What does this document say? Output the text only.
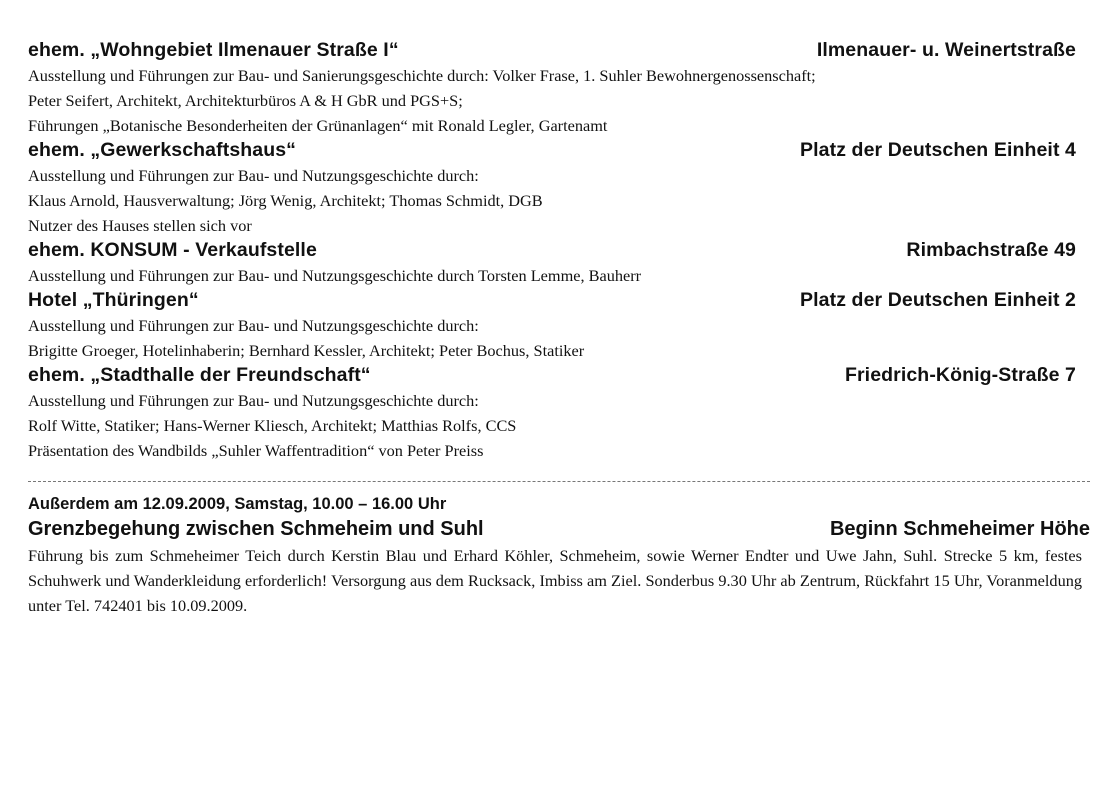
ehem. „Wohngebiet Ilmenauer Straße I“	Ilmenauer- u. Weinertstraße
Ausstellung und Führungen zur Bau- und Sanierungsgeschichte durch: Volker Frase, 1. Suhler Bewohnergenossenschaft;
Peter Seifert, Architekt, Architekturbüros A & H GbR und PGS+S;
Führungen „Botanische Besonderheiten der Grünanlagen“ mit Ronald Legler, Gartenamt
ehem. „Gewerkschaftshaus“	Platz der Deutschen Einheit 4
Ausstellung und Führungen zur Bau- und Nutzungsgeschichte durch:
Klaus Arnold, Hausverwaltung; Jörg Wenig, Architekt; Thomas Schmidt, DGB
Nutzer des Hauses stellen sich vor
ehem. KONSUM - Verkaufstelle	Rimbachstraße 49
Ausstellung und Führungen zur Bau- und Nutzungsgeschichte durch Torsten Lemme, Bauherr
Hotel „Thüringen“	Platz der Deutschen Einheit 2
Ausstellung und Führungen zur Bau- und Nutzungsgeschichte durch:
Brigitte Groeger, Hotelinhaberin; Bernhard Kessler, Architekt; Peter Bochus, Statiker
ehem. „Stadthalle der Freundschaft“	Friedrich-König-Straße 7
Ausstellung und Führungen zur Bau- und Nutzungsgeschichte durch:
Rolf Witte, Statiker; Hans-Werner Kliesch, Architekt; Matthias Rolfs, CCS
Präsentation des Wandbilds „Suhler Waffentradition“ von Peter Preiss
Außerdem am 12.09.2009, Samstag, 10.00 – 16.00 Uhr
Grenzbegehung zwischen Schmeheim und Suhl	Beginn Schmeheimer Höhe
Führung bis zum Schmeheimer Teich durch Kerstin Blau und Erhard Köhler, Schmeheim, sowie Werner Endter und Uwe Jahn, Suhl. Strecke 5 km, festes Schuhwerk und Wanderkleidung erforderlich! Versorgung aus dem Rucksack, Imbiss am Ziel. Sonderbus 9.30 Uhr ab Zentrum, Rückfahrt 15 Uhr, Voranmeldung unter Tel. 742401 bis 10.09.2009.
